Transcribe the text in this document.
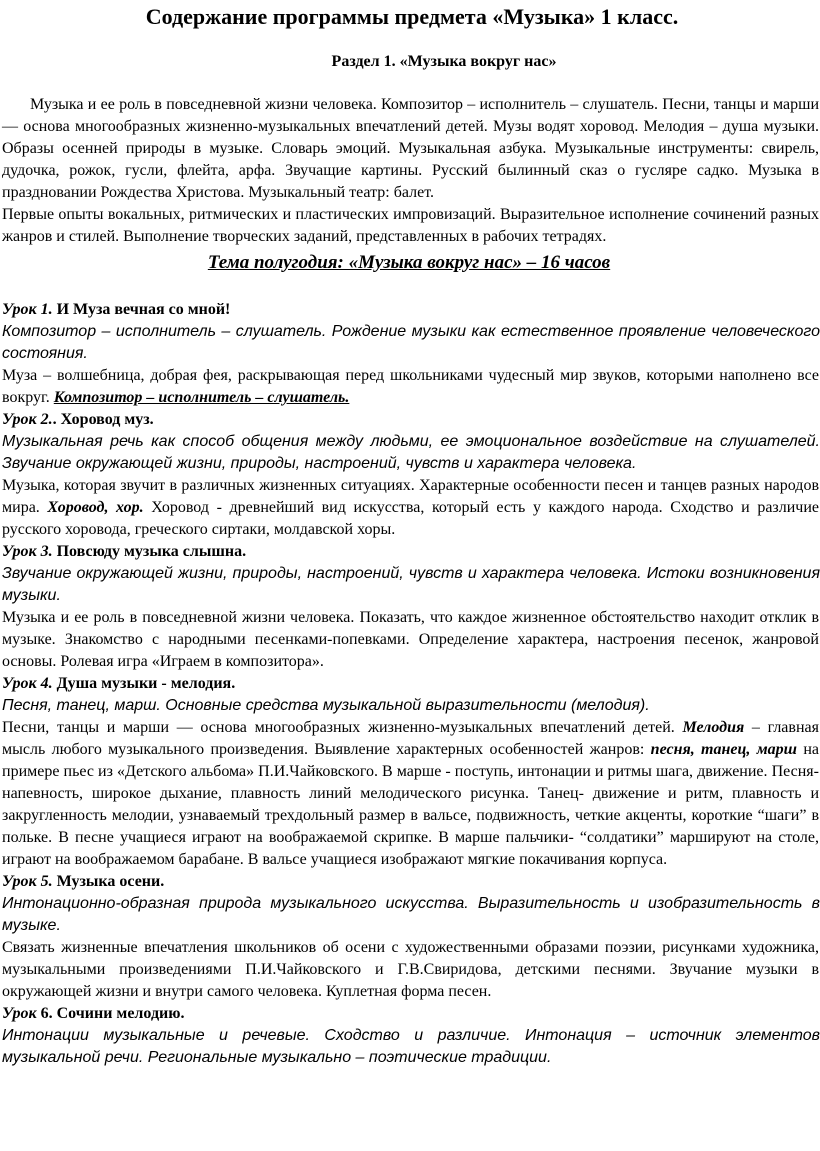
Содержание программы предмета «Музыка» 1 класс.
Раздел 1. «Музыка вокруг нас»

Музыка и ее роль в повседневной жизни человека. Композитор – исполнитель – слушатель. Песни, танцы и марши — основа многообразных жизненно-музыкальных впечатлений детей. Музы водят хоровод. Мелодия – душа музыки. Образы осенней природы в музыке. Словарь эмоций. Музыкальная азбука. Музыкальные инструменты: свирель, дудочка, рожок, гусли, флейта, арфа. Звучащие картины. Русский былинный сказ о гусляре садко. Музыка в праздновании Рождества Христова. Музыкальный театр: балет.

Первые опыты вокальных, ритмических и пластических импровизаций. Выразительное исполнение сочинений разных жанров и стилей. Выполнение творческих заданий, представленных в рабочих тетрадях.

Тема полугодия: «Музыка вокруг нас» – 16 часов

Урок 1. И Муза вечная со мной!

Композитор – исполнитель – слушатель. Рождение музыки как естественное проявление человеческого состояния.

Муза – волшебница, добрая фея, раскрывающая перед школьниками чудесный мир звуков, которыми наполнено все вокруг. Композитор – исполнитель – слушатель.

Урок 2.. Хоровод муз.

Музыкальная речь как способ общения между людьми, ее эмоциональное воздействие на слушателей. Звучание окружающей жизни, природы, настроений, чувств и характера человека.

Музыка, которая звучит в различных жизненных ситуациях. Характерные особенности песен и танцев разных народов мира. Хоровод, хор. Хоровод - древнейший вид искусства, который есть у каждого народа. Сходство и различие русского хоровода, греческого сиртаки, молдавской хоры.

Урок 3. Повсюду музыка слышна.

Звучание окружающей жизни, природы, настроений, чувств и характера человека. Истоки возникновения музыки.

Музыка и ее роль в повседневной жизни человека. Показать, что каждое жизненное обстоятельство находит отклик в музыке. Знакомство с народными песенками-попевками. Определение характера, настроения песенок, жанровой основы. Ролевая игра «Играем в композитора».

Урок 4. Душа музыки - мелодия.

Песня, танец, марш. Основные средства музыкальной выразительности (мелодия).

Песни, танцы и марши — основа многообразных жизненно-музыкальных впечатлений детей. Мелодия – главная мысль любого музыкального произведения. Выявление характерных особенностей жанров: песня, танец, марш на примере пьес из «Детского альбома» П.И.Чайковского. В марше - поступь, интонации и ритмы шага, движение. Песня- напевность, широкое дыхание, плавность линий мелодического рисунка. Танец- движение и ритм, плавность и закругленность мелодии, узнаваемый трехдольный размер в вальсе, подвижность, четкие акценты, короткие “шаги” в польке. В песне учащиеся играют на воображаемой скрипке. В марше пальчики- “солдатики” маршируют на столе, играют на воображаемом барабане. В вальсе учащиеся изображают мягкие покачивания корпуса.

Урок 5. Музыка осени.

Интонационно-образная природа музыкального искусства. Выразительность и изобразительность в музыке.

Связать жизненные впечатления школьников об осени с художественными образами поэзии, рисунками художника, музыкальными произведениями П.И.Чайковского и Г.В.Свиридова, детскими песнями. Звучание музыки в окружающей жизни и внутри самого человека. Куплетная форма песен.

Урок 6. Сочини мелодию.

Интонации музыкальные и речевые. Сходство и различие. Интонация – источник элементов музыкальной речи. Региональные музыкально – поэтические традиции.
